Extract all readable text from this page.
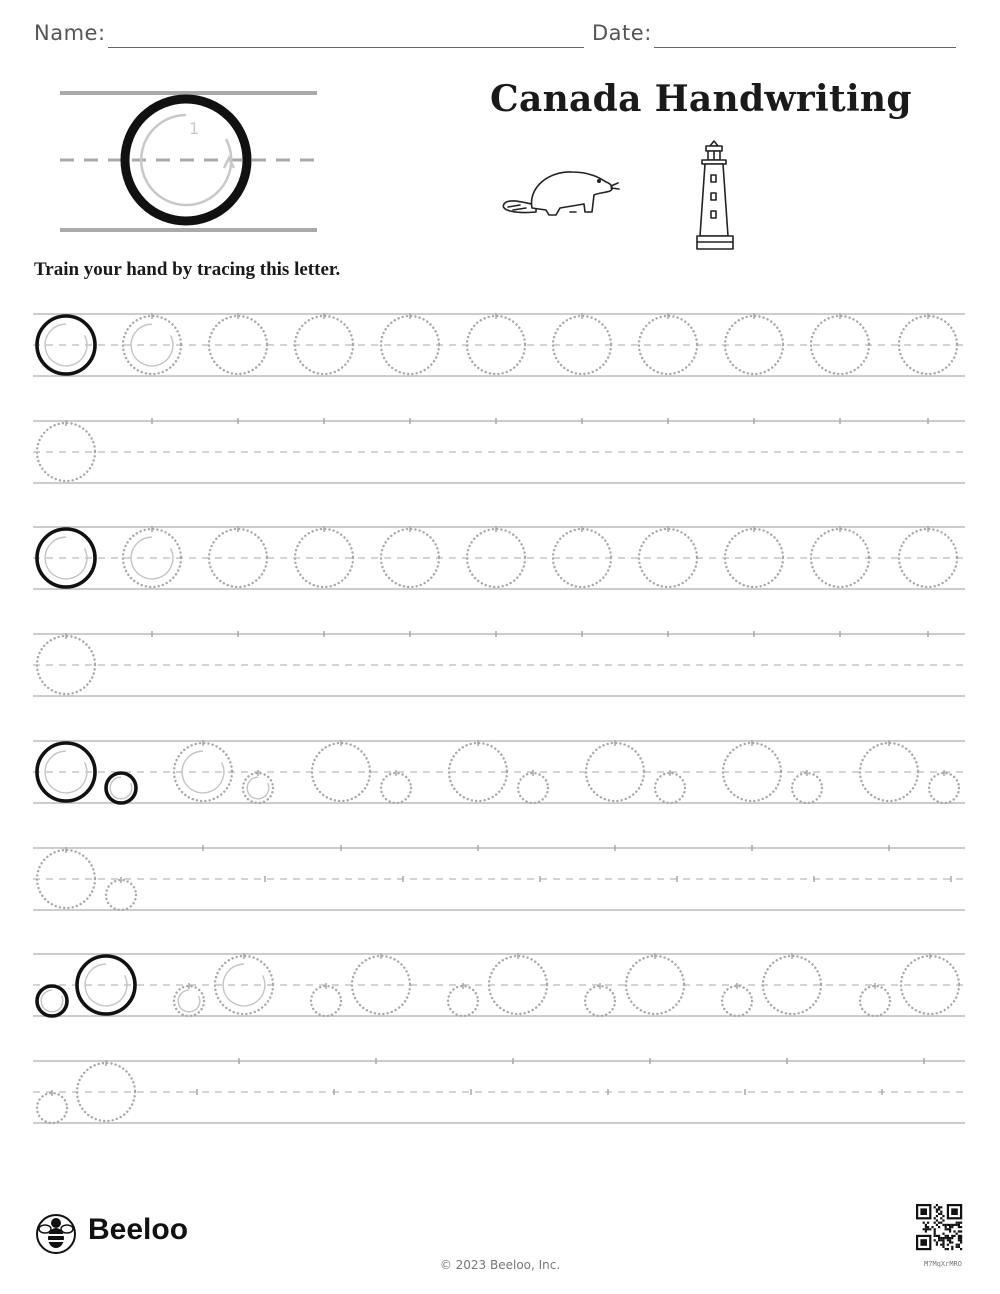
Name:	Date:
Canada Handwriting
Train your hand by tracing this letter.
1
Beeloo
© 2023 Beeloo, Inc.	M7MqXrMRO
